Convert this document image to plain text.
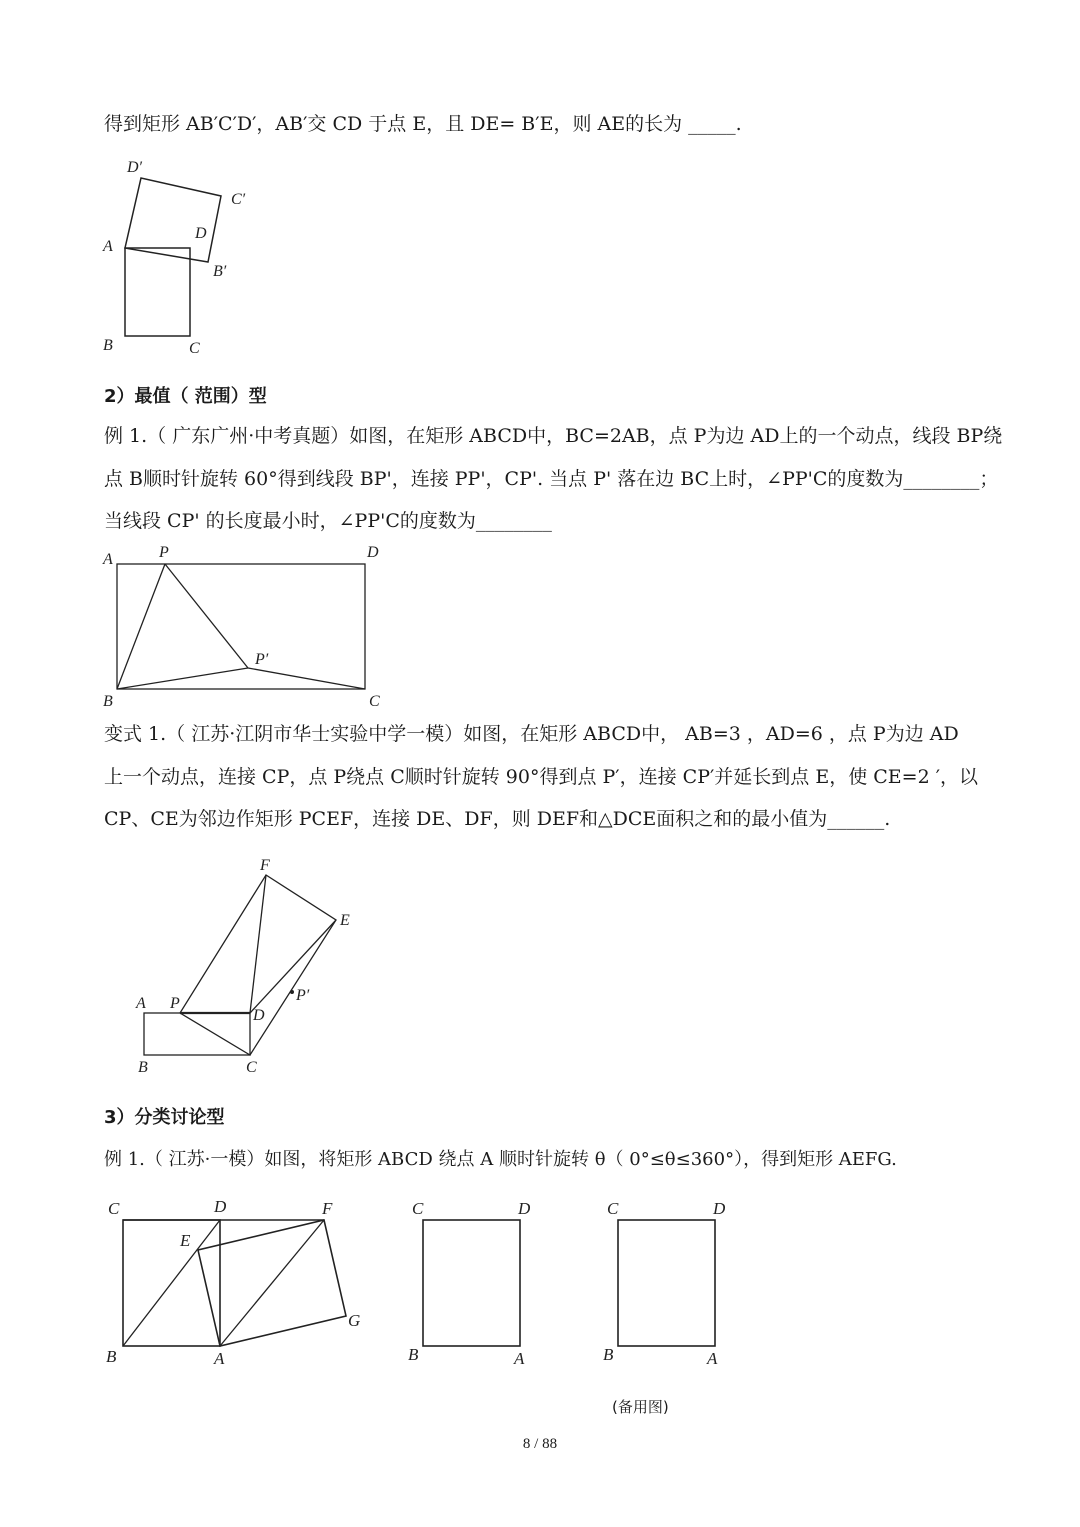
得到矩形 AB′C′D′，AB′交 CD 于点 E，且 DE= B′E，则 AE的长为 _____.
D′
C′
A
D
B′
B	C
2）最值（ 范围）型
例 1.（ 广东广州·中考真题）如图，在矩形 ABCD中，BC=2AB，点 P为边 AD上的一个动点，线段 BP绕
点 B顺时针旋转 60°得到线段 BP'，连接 PP'，CP'. 当点 P' 落在边 BC上时，∠PP'C的度数为________；
当线段 CP' 的长度最小时，∠PP'C的度数为________
A	P	D
P′
B	C
变式 1.（ 江苏·江阴市华士实验中学一模）如图，在矩形 ABCD中， AB=3 ，AD=6 ，点 P为边 AD
上一个动点，连接 CP，点 P绕点 C顺时针旋转 90°得到点 P′，连接 CP′并延长到点 E，使 CE=2 ′，以
CP、CE为邻边作矩形 PCEF，连接 DE、DF，则 DEF和△DCE面积之和的最小值为______.
F
E
A P	P′
D
B	C
3）分类讨论型
例 1.（ 江苏·一模）如图，将矩形 ABCD 绕点 A 顺时针旋转 θ（ 0°≤θ≤360°），得到矩形 AEFG.
C	D	F
E
G
B	A
C	D
B	A
C	D
B	A
(备用图)
8 / 88
